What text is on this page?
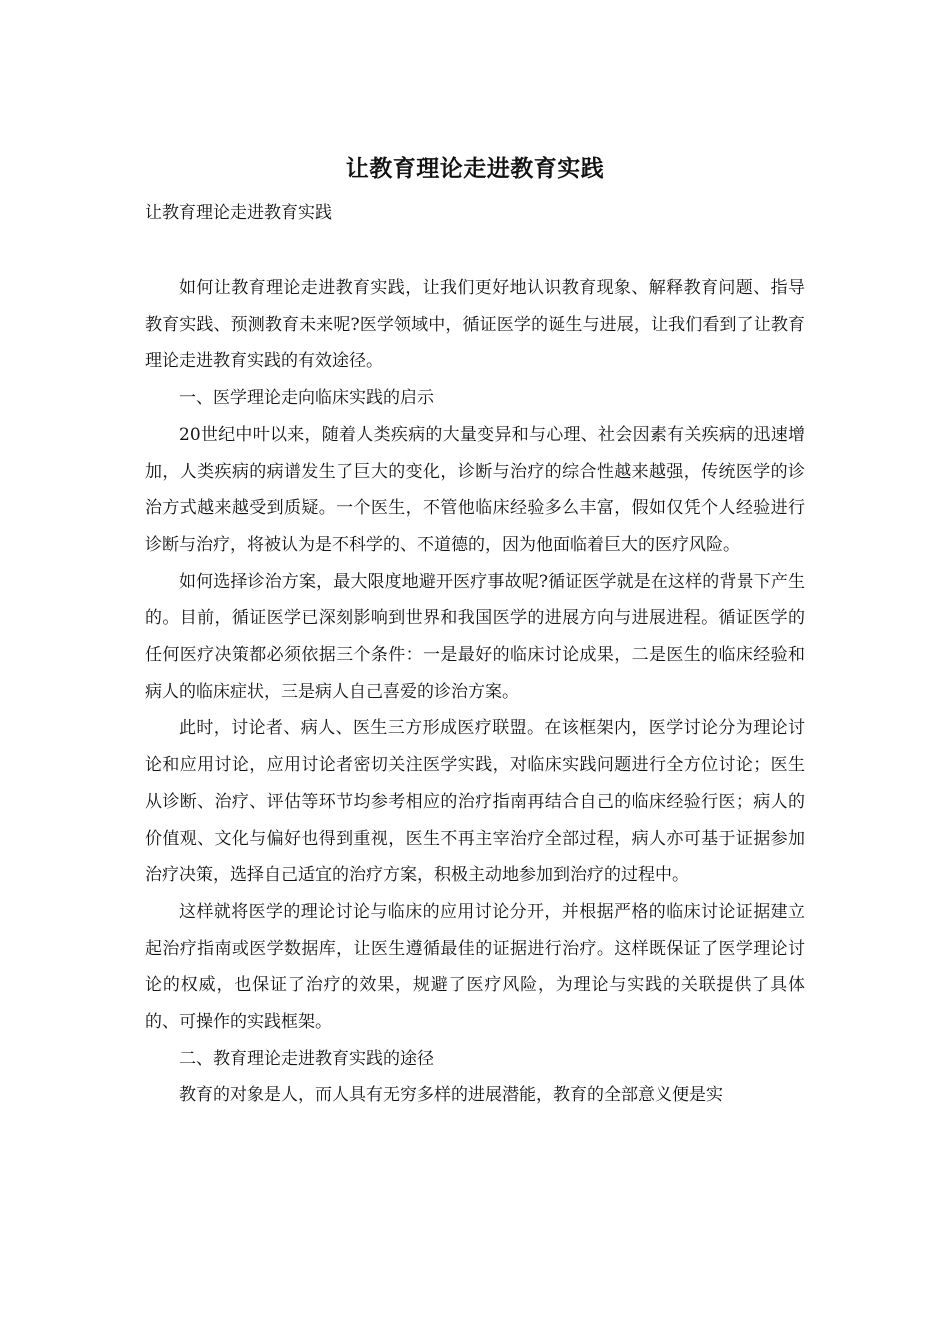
让教育理论走进教育实践
让教育理论走进教育实践

如何让教育理论走进教育实践，让我们更好地认识教育现象、解释教育问题、指导教育实践、预测教育未来呢?医学领域中，循证医学的诞生与进展，让我们看到了让教育理论走进教育实践的有效途径。

一、医学理论走向临床实践的启示

20世纪中叶以来，随着人类疾病的大量变异和与心理、社会因素有关疾病的迅速增加，人类疾病的病谱发生了巨大的变化，诊断与治疗的综合性越来越强，传统医学的诊治方式越来越受到质疑。一个医生，不管他临床经验多么丰富，假如仅凭个人经验进行诊断与治疗，将被认为是不科学的、不道德的，因为他面临着巨大的医疗风险。

如何选择诊治方案，最大限度地避开医疗事故呢?循证医学就是在这样的背景下产生的。目前，循证医学已深刻影响到世界和我国医学的进展方向与进展进程。循证医学的任何医疗决策都必须依据三个条件：一是最好的临床讨论成果，二是医生的临床经验和病人的临床症状，三是病人自己喜爱的诊治方案。

此时，讨论者、病人、医生三方形成医疗联盟。在该框架内，医学讨论分为理论讨论和应用讨论，应用讨论者密切关注医学实践，对临床实践问题进行全方位讨论；医生从诊断、治疗、评估等环节均参考相应的治疗指南再结合自己的临床经验行医；病人的价值观、文化与偏好也得到重视，医生不再主宰治疗全部过程，病人亦可基于证据参加治疗决策，选择自己适宜的治疗方案，积极主动地参加到治疗的过程中。

这样就将医学的理论讨论与临床的应用讨论分开，并根据严格的临床讨论证据建立起治疗指南或医学数据库，让医生遵循最佳的证据进行治疗。这样既保证了医学理论讨论的权威，也保证了治疗的效果，规避了医疗风险，为理论与实践的关联提供了具体的、可操作的实践框架。

二、教育理论走进教育实践的途径

教育的对象是人，而人具有无穷多样的进展潜能，教育的全部意义便是实
